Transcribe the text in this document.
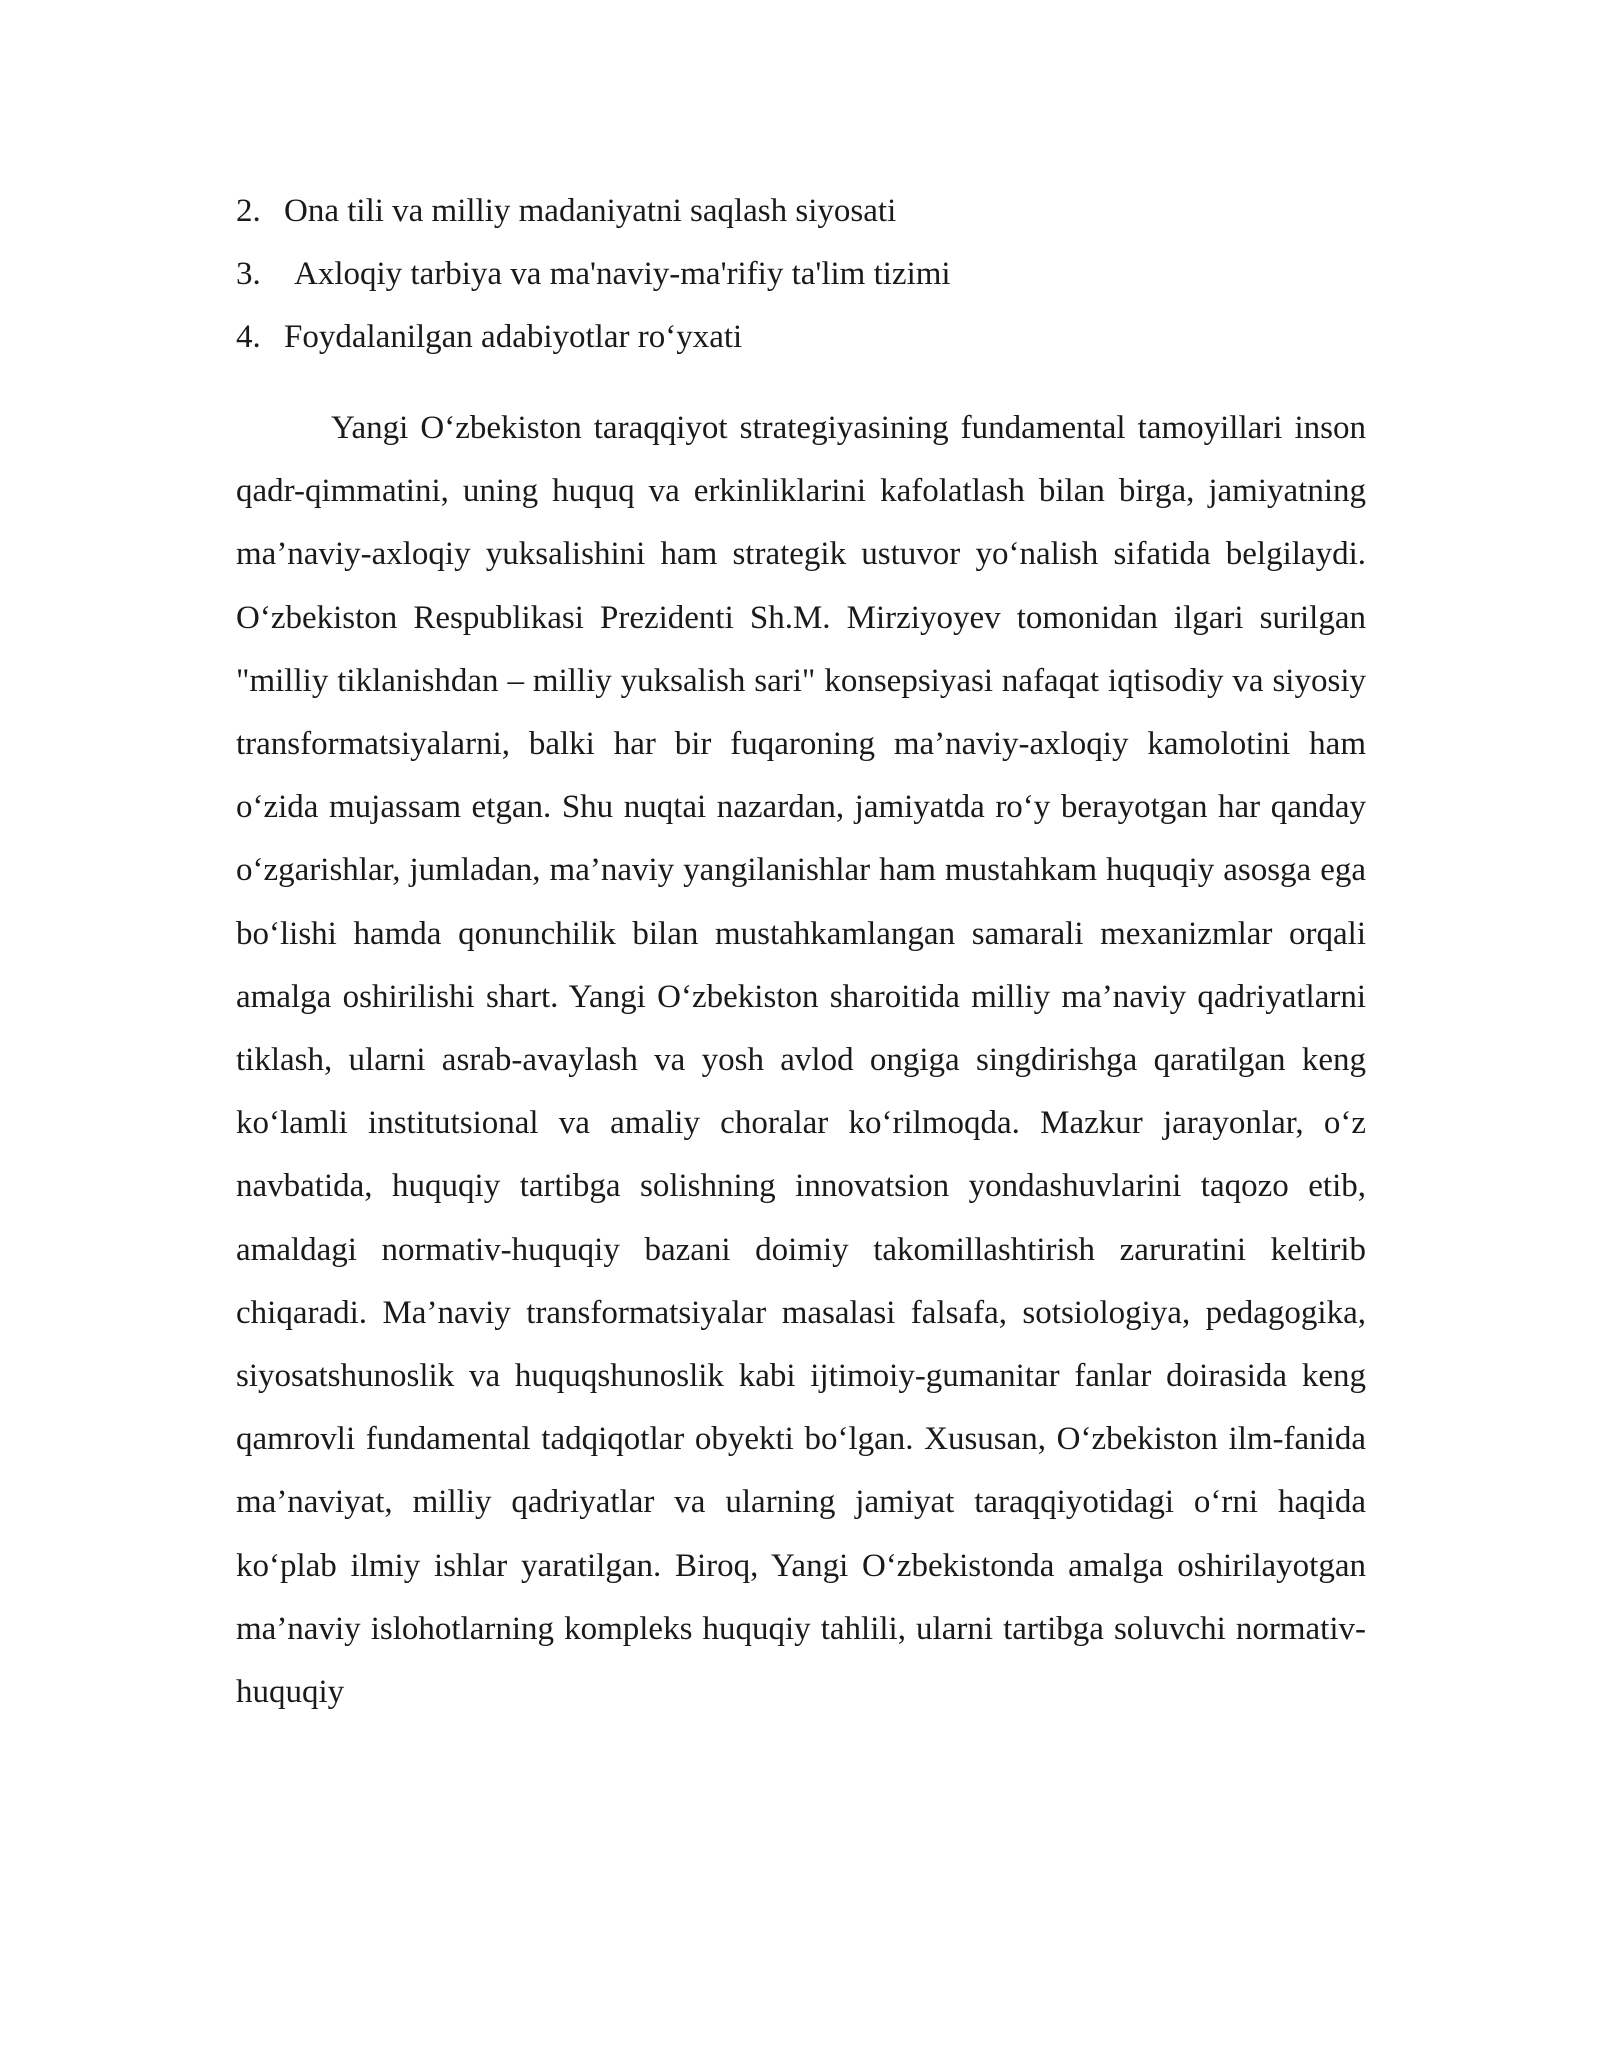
2. Ona tili va milliy madaniyatni saqlash siyosati
3. Axloqiy tarbiya va ma'naviy-ma'rifiy ta'lim tizimi
4. Foydalanilgan adabiyotlar ro‘yxati

Yangi O‘zbekiston taraqqiyot strategiyasining fundamental tamoyillari inson qadr-qimmatini, uning huquq va erkinliklarini kafolatlash bilan birga, jamiyatning ma’naviy-axloqiy yuksalishini ham strategik ustuvor yo‘nalish sifatida belgilaydi. O‘zbekiston Respublikasi Prezidenti Sh.M. Mirziyoyev tomonidan ilgari surilgan "milliy tiklanishdan – milliy yuksalish sari" konsepsiyasi nafaqat iqtisodiy va siyosiy transformatsiyalarni, balki har bir fuqaroning ma’naviy-axloqiy kamolotini ham o‘zida mujassam etgan. Shu nuqtai nazardan, jamiyatda ro‘y berayotgan har qanday o‘zgarishlar, jumladan, ma’naviy yangilanishlar ham mustahkam huquqiy asosga ega bo‘lishi hamda qonunchilik bilan mustahkamlangan samarali mexanizmlar orqali amalga oshirilishi shart. Yangi O‘zbekiston sharoitida milliy ma’naviy qadriyatlarni tiklash, ularni asrab-avaylash va yosh avlod ongiga singdirishga qaratilgan keng ko‘lamli institutsional va amaliy choralar ko‘rilmoqda. Mazkur jarayonlar, o‘z navbatida, huquqiy tartibga solishning innovatsion yondashuvlarini taqozo etib, amaldagi normativ-huquqiy bazani doimiy takomillashtirish zaruratini keltirib chiqaradi. Ma’naviy transformatsiyalar masalasi falsafa, sotsiologiya, pedagogika, siyosatshunoslik va huquqshunoslik kabi ijtimoiy-gumanitar fanlar doirasida keng qamrovli fundamental tadqiqotlar obyekti bo‘lgan. Xususan, O‘zbekiston ilm-fanida ma’naviyat, milliy qadriyatlar va ularning jamiyat taraqqiyotidagi o‘rni haqida ko‘plab ilmiy ishlar yaratilgan. Biroq, Yangi O‘zbekistonda amalga oshirilayotgan ma’naviy islohotlarning kompleks huquqiy tahlili, ularni tartibga soluvchi normativ-huquqiy
